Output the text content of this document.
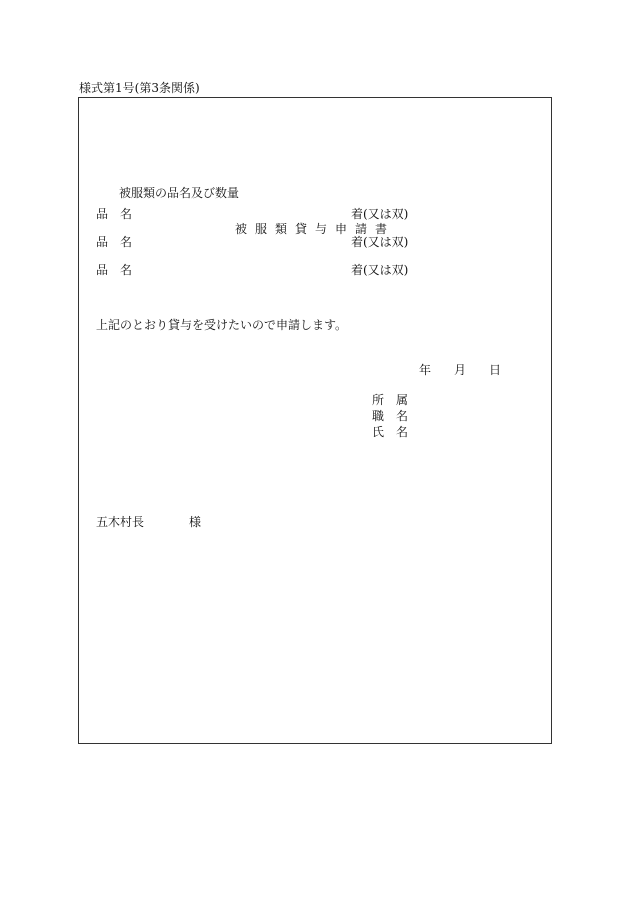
様式第1号(第3条関係)
被服類貸与申請書
被服類の品名及び数量
品名	着(又は双)
品名	着(又は双)
品名	着(又は双)
上記のとおり貸与を受けたいので申請します。
年 月 日
所属
職名
氏名
五木村長	様
